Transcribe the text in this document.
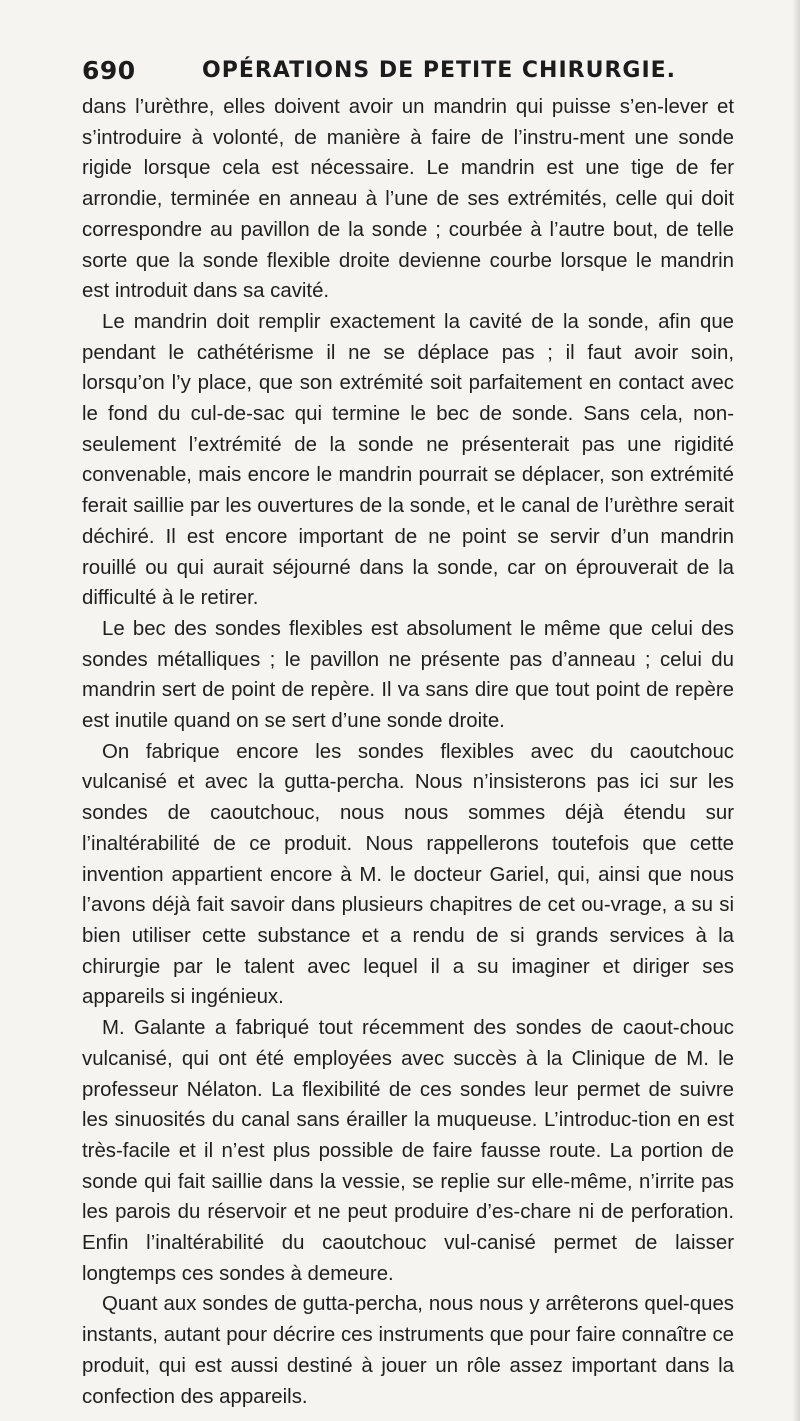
690	OPÉRATIONS DE PETITE CHIRURGIE.

dans l’urèthre, elles doivent avoir un mandrin qui puisse s’en-lever et s’introduire à volonté, de manière à faire de l’instru-ment une sonde rigide lorsque cela est nécessaire. Le mandrin est une tige de fer arrondie, terminée en anneau à l’une de ses extrémités, celle qui doit correspondre au pavillon de la sonde ; courbée à l’autre bout, de telle sorte que la sonde flexible droite devienne courbe lorsque le mandrin est introduit dans sa cavité.

Le mandrin doit remplir exactement la cavité de la sonde, afin que pendant le cathétérisme il ne se déplace pas ; il faut avoir soin, lorsqu’on l’y place, que son extrémité soit parfaitement en contact avec le fond du cul-de-sac qui termine le bec de sonde. Sans cela, non-seulement l’extrémité de la sonde ne présenterait pas une rigidité convenable, mais encore le mandrin pourrait se déplacer, son extrémité ferait saillie par les ouvertures de la sonde, et le canal de l’urèthre serait déchiré. Il est encore important de ne point se servir d’un mandrin rouillé ou qui aurait séjourné dans la sonde, car on éprouverait de la difficulté à le retirer.

Le bec des sondes flexibles est absolument le même que celui des sondes métalliques ; le pavillon ne présente pas d’anneau ; celui du mandrin sert de point de repère. Il va sans dire que tout point de repère est inutile quand on se sert d’une sonde droite.

On fabrique encore les sondes flexibles avec du caoutchouc vulcanisé et avec la gutta-percha. Nous n’insisterons pas ici sur les sondes de caoutchouc, nous nous sommes déjà étendu sur l’inaltérabilité de ce produit. Nous rappellerons toutefois que cette invention appartient encore à M. le docteur Gariel, qui, ainsi que nous l’avons déjà fait savoir dans plusieurs chapitres de cet ou-vrage, a su si bien utiliser cette substance et a rendu de si grands services à la chirurgie par le talent avec lequel il a su imaginer et diriger ses appareils si ingénieux.

M. Galante a fabriqué tout récemment des sondes de caout-chouc vulcanisé, qui ont été employées avec succès à la Clinique de M. le professeur Nélaton. La flexibilité de ces sondes leur permet de suivre les sinuosités du canal sans érailler la muqueuse. L’introduc-tion en est très-facile et il n’est plus possible de faire fausse route. La portion de sonde qui fait saillie dans la vessie, se replie sur elle-même, n’irrite pas les parois du réservoir et ne peut produire d’es-chare ni de perforation. Enfin l’inaltérabilité du caoutchouc vul-canisé permet de laisser longtemps ces sondes à demeure.

Quant aux sondes de gutta-percha, nous nous y arrêterons quel-ques instants, autant pour décrire ces instruments que pour faire connaître ce produit, qui est aussi destiné à jouer un rôle assez important dans la confection des appareils.
